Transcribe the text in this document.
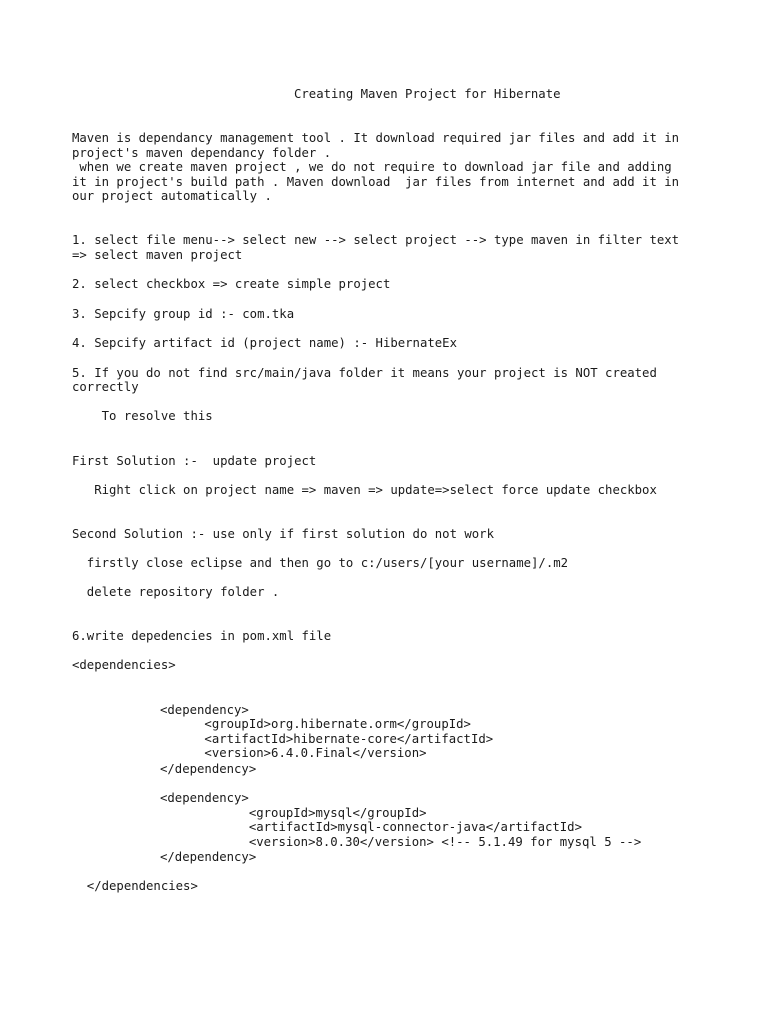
Creating Maven Project for Hibernate

Maven is dependancy management tool . It download required jar files and add it in

project's maven dependancy folder .

when we create maven project , we do not require to download jar file and adding

it in project's build path . Maven download  jar files from internet and add it in

our project automatically .

1. select file menu--> select new --> select project --> type maven in filter text

=> select maven project

2. select checkbox => create simple project

3. Sepcify group id :- com.tka

4. Sepcify artifact id (project name) :- HibernateEx

5. If you do not find src/main/java folder it means your project is NOT created

correctly

To resolve this

First Solution :-  update project

Right click on project name => maven => update=>select force update checkbox

Second Solution :- use only if first solution do not work

firstly close eclipse and then go to c:/users/[your username]/.m2

delete repository folder .

6.write depedencies in pom.xml file

<dependencies>

<dependency>

<groupId>org.hibernate.orm</groupId>

<artifactId>hibernate-core</artifactId>

<version>6.4.0.Final</version>

</dependency>

<dependency>

<groupId>mysql</groupId>

<artifactId>mysql-connector-java</artifactId>

<version>8.0.30</version> <!-- 5.1.49 for mysql 5 -->

</dependency>

</dependencies>
